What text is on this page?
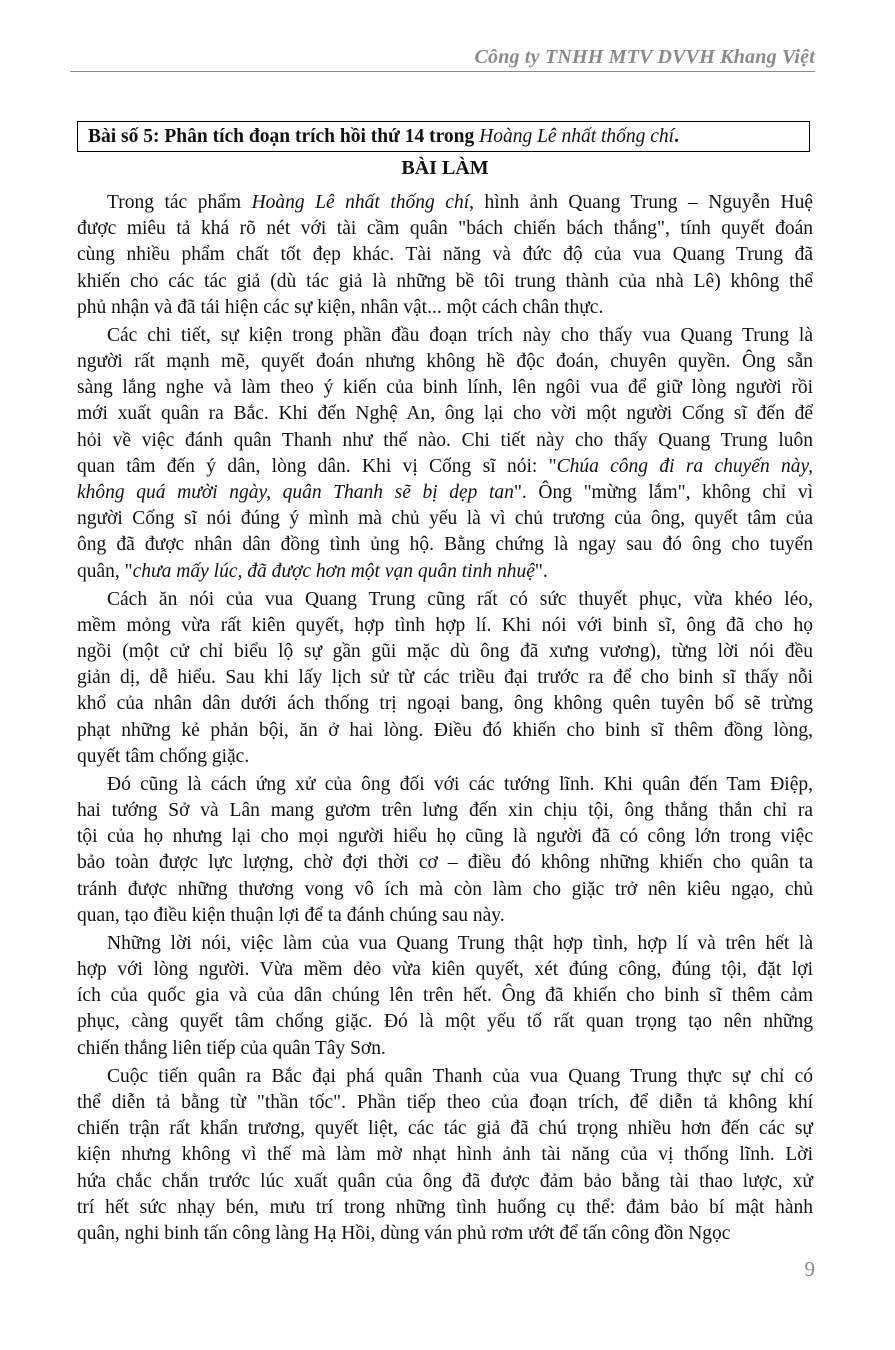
Công ty TNHH MTV DVVH Khang Việt
Bài số 5: Phân tích đoạn trích hồi thứ 14 trong Hoàng Lê nhất thống chí.
BÀI LÀM
Trong tác phẩm Hoàng Lê nhất thống chí, hình ảnh Quang Trung – Nguyễn Huệ
được miêu tả khá rõ nét với tài cầm quân "bách chiến bách thắng", tính quyết đoán
cùng nhiều phẩm chất tốt đẹp khác. Tài năng và đức độ của vua Quang Trung đã
khiến cho các tác giả (dù tác giả là những bề tôi trung thành của nhà Lê) không thể
phủ nhận và đã tái hiện các sự kiện, nhân vật... một cách chân thực.
Các chi tiết, sự kiện trong phần đầu đoạn trích này cho thấy vua Quang Trung là
người rất mạnh mẽ, quyết đoán nhưng không hề độc đoán, chuyên quyền. Ông sẵn
sàng lắng nghe và làm theo ý kiến của binh lính, lên ngôi vua để giữ lòng người rồi
mới xuất quân ra Bắc. Khi đến Nghệ An, ông lại cho vời một người Cống sĩ đến để
hỏi về việc đánh quân Thanh như thế nào. Chi tiết này cho thấy Quang Trung luôn
quan tâm đến ý dân, lòng dân. Khi vị Cống sĩ nói: "Chúa công đi ra chuyến này,
không quá mười ngày, quân Thanh sẽ bị dẹp tan". Ông "mừng lắm", không chỉ vì
người Cống sĩ nói đúng ý mình mà chủ yếu là vì chủ trương của ông, quyết tâm của
ông đã được nhân dân đồng tình ủng hộ. Bằng chứng là ngay sau đó ông cho tuyển
quân, "chưa mấy lúc, đã được hơn một vạn quân tinh nhuệ".
Cách ăn nói của vua Quang Trung cũng rất có sức thuyết phục, vừa khéo léo,
mềm mỏng vừa rất kiên quyết, hợp tình hợp lí. Khi nói với binh sĩ, ông đã cho họ
ngồi (một cử chỉ biểu lộ sự gần gũi mặc dù ông đã xưng vương), từng lời nói đều
giản dị, dễ hiểu. Sau khi lấy lịch sử từ các triều đại trước ra để cho binh sĩ thấy nỗi
khổ của nhân dân dưới ách thống trị ngoại bang, ông không quên tuyên bố sẽ trừng
phạt những kẻ phản bội, ăn ở hai lòng. Điều đó khiến cho binh sĩ thêm đồng lòng,
quyết tâm chống giặc.
Đó cũng là cách ứng xử của ông đối với các tướng lĩnh. Khi quân đến Tam Điệp,
hai tướng Sở và Lân mang gươm trên lưng đến xin chịu tội, ông thẳng thắn chỉ ra
tội của họ nhưng lại cho mọi người hiểu họ cũng là người đã có công lớn trong việc
bảo toàn được lực lượng, chờ đợi thời cơ – điều đó không những khiến cho quân ta
tránh được những thương vong vô ích mà còn làm cho giặc trở nên kiêu ngạo, chủ
quan, tạo điều kiện thuận lợi để ta đánh chúng sau này.
Những lời nói, việc làm của vua Quang Trung thật hợp tình, hợp lí và trên hết là
hợp với lòng người. Vừa mềm dẻo vừa kiên quyết, xét đúng công, đúng tội, đặt lợi
ích của quốc gia và của dân chúng lên trên hết. Ông đã khiến cho binh sĩ thêm cảm
phục, càng quyết tâm chống giặc. Đó là một yếu tố rất quan trọng tạo nên những
chiến thắng liên tiếp của quân Tây Sơn.
Cuộc tiến quân ra Bắc đại phá quân Thanh của vua Quang Trung thực sự chỉ có
thể diễn tả bằng từ "thần tốc". Phần tiếp theo của đoạn trích, để diễn tả không khí
chiến trận rất khẩn trương, quyết liệt, các tác giả đã chú trọng nhiều hơn đến các sự
kiện nhưng không vì thế mà làm mờ nhạt hình ảnh tài năng của vị thống lĩnh. Lời
hứa chắc chắn trước lúc xuất quân của ông đã được đảm bảo bằng tài thao lược, xử
trí hết sức nhạy bén, mưu trí trong những tình huống cụ thể: đảm bảo bí mật hành
quân, nghi binh tấn công làng Hạ Hồi, dùng ván phủ rơm ướt để tấn công đồn Ngọc
9
